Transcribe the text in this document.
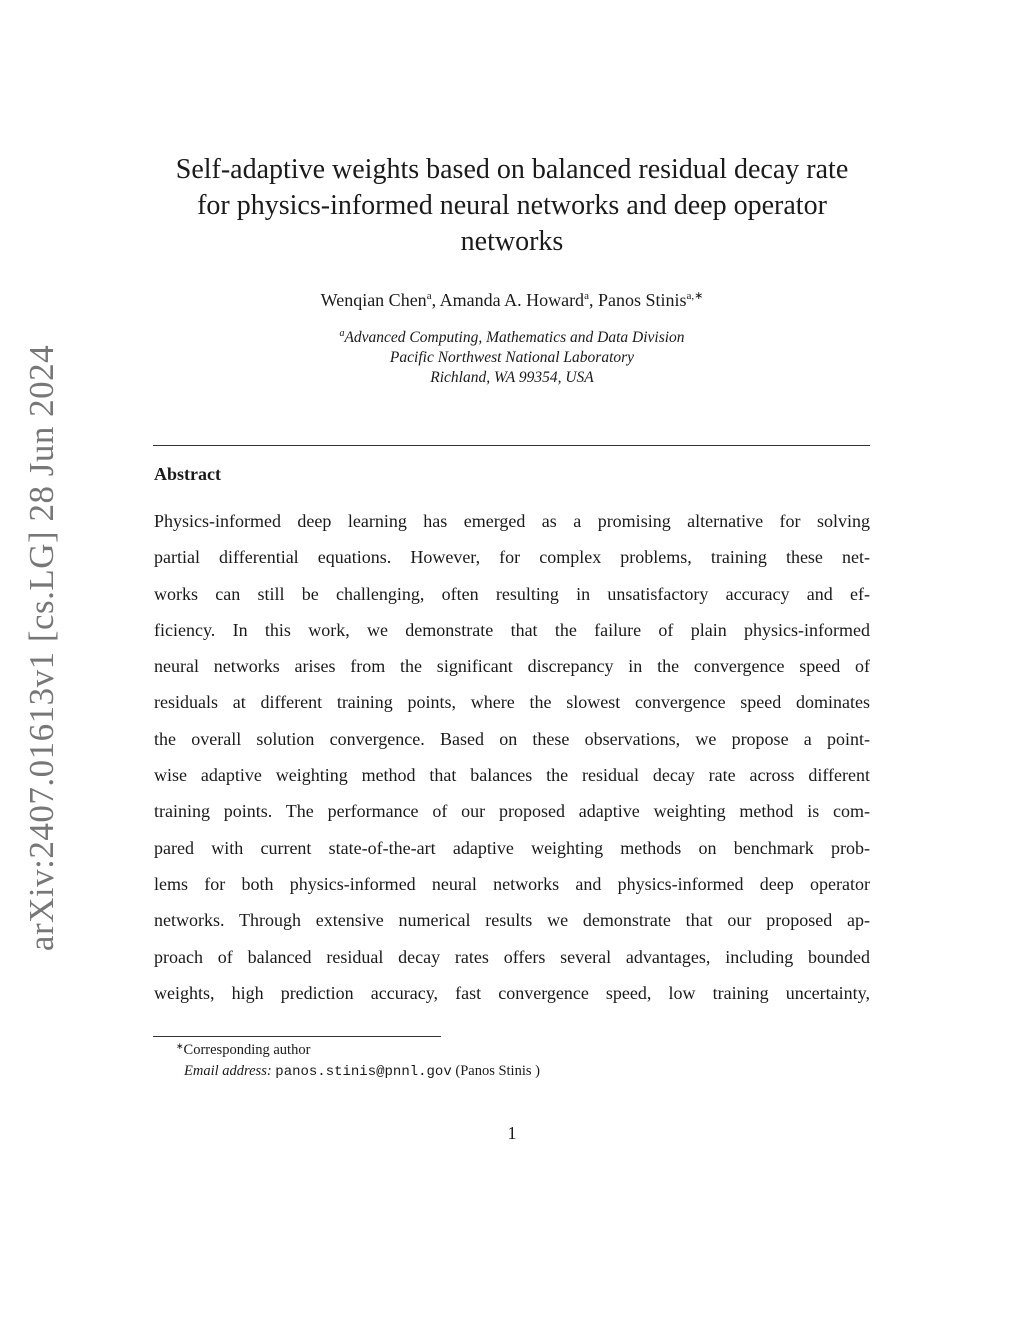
arXiv:2407.01613v1 [cs.LG] 28 Jun 2024
Self-adaptive weights based on balanced residual decay rate
for physics-informed neural networks and deep operator
networks
Wenqian Chen$^a$, Amanda A. Howard$^a$, Panos Stinis$^{a,∗}$
$^a$Advanced Computing, Mathematics and Data Division
Pacific Northwest National Laboratory
Richland, WA 99354, USA
Abstract
Physics-informed deep learning has emerged as a promising alternative for solving
partial differential equations. However, for complex problems, training these net-
works can still be challenging, often resulting in unsatisfactory accuracy and ef-
ficiency. In this work, we demonstrate that the failure of plain physics-informed
neural networks arises from the significant discrepancy in the convergence speed of
residuals at different training points, where the slowest convergence speed dominates
the overall solution convergence. Based on these observations, we propose a point-
wise adaptive weighting method that balances the residual decay rate across different
training points. The performance of our proposed adaptive weighting method is com-
pared with current state-of-the-art adaptive weighting methods on benchmark prob-
lems for both physics-informed neural networks and physics-informed deep operator
networks. Through extensive numerical results we demonstrate that our proposed ap-
proach of balanced residual decay rates offers several advantages, including bounded
weights, high prediction accuracy, fast convergence speed, low training uncertainty,
∗Corresponding author
Email address: panos.stinis@pnnl.gov (Panos Stinis )
1
